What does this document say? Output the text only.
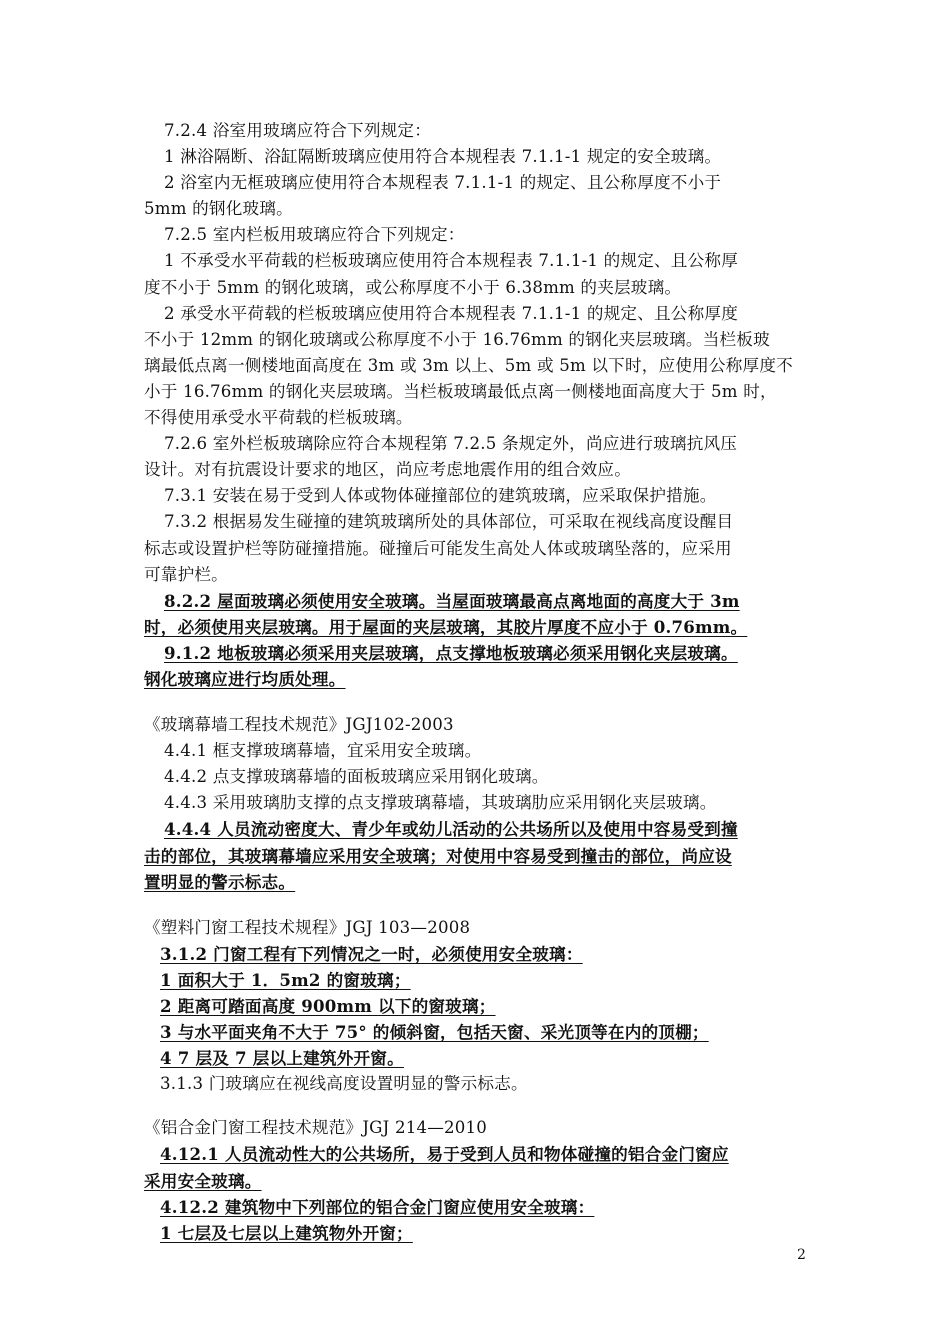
7.2.4 浴室用玻璃应符合下列规定：
1 淋浴隔断、浴缸隔断玻璃应使用符合本规程表 7.1.1-1 规定的安全玻璃。
2 浴室内无框玻璃应使用符合本规程表 7.1.1-1 的规定、且公称厚度不小于
5mm 的钢化玻璃。
7.2.5 室内栏板用玻璃应符合下列规定：
1 不承受水平荷载的栏板玻璃应使用符合本规程表 7.1.1-1 的规定、且公称厚
度不小于 5mm 的钢化玻璃，或公称厚度不小于 6.38mm 的夹层玻璃。
2 承受水平荷载的栏板玻璃应使用符合本规程表 7.1.1-1 的规定、且公称厚度
不小于 12mm 的钢化玻璃或公称厚度不小于 16.76mm 的钢化夹层玻璃。当栏板玻
璃最低点离一侧楼地面高度在 3m 或 3m 以上、5m 或 5m 以下时，应使用公称厚度不
小于 16.76mm 的钢化夹层玻璃。当栏板玻璃最低点离一侧楼地面高度大于 5m 时，
不得使用承受水平荷载的栏板玻璃。
7.2.6 室外栏板玻璃除应符合本规程第 7.2.5 条规定外，尚应进行玻璃抗风压
设计。对有抗震设计要求的地区，尚应考虑地震作用的组合效应。
7.3.1 安装在易于受到人体或物体碰撞部位的建筑玻璃，应采取保护措施。
7.3.2 根据易发生碰撞的建筑玻璃所处的具体部位，可采取在视线高度设醒目
标志或设置护栏等防碰撞措施。碰撞后可能发生高处人体或玻璃坠落的，应采用
可靠护栏。
8.2.2 屋面玻璃必须使用安全玻璃。当屋面玻璃最高点离地面的高度大于 3m
时，必须使用夹层玻璃。用于屋面的夹层玻璃，其胶片厚度不应小于 0.76mm。
9.1.2 地板玻璃必须采用夹层玻璃，点支撑地板玻璃必须采用钢化夹层玻璃。
钢化玻璃应进行均质处理。
《玻璃幕墙工程技术规范》JGJ102-2003
4.4.1 框支撑玻璃幕墙，宜采用安全玻璃。
4.4.2 点支撑玻璃幕墙的面板玻璃应采用钢化玻璃。
4.4.3 采用玻璃肋支撑的点支撑玻璃幕墙，其玻璃肋应采用钢化夹层玻璃。
4.4.4 人员流动密度大、青少年或幼儿活动的公共场所以及使用中容易受到撞
击的部位，其玻璃幕墙应采用安全玻璃；对使用中容易受到撞击的部位，尚应设
置明显的警示标志。
《塑料门窗工程技术规程》JGJ 103—2008
3.1.2 门窗工程有下列情况之一时，必须使用安全玻璃：
1 面积大于 1．5m2 的窗玻璃；
2 距离可踏面高度 900mm 以下的窗玻璃；
3 与水平面夹角不大于 75° 的倾斜窗，包括天窗、采光顶等在内的顶棚；
4 7 层及 7 层以上建筑外开窗。
3.1.3 门玻璃应在视线高度设置明显的警示标志。
《铝合金门窗工程技术规范》JGJ 214—2010
4.12.1 人员流动性大的公共场所，易于受到人员和物体碰撞的铝合金门窗应
采用安全玻璃。
4.12.2 建筑物中下列部位的铝合金门窗应使用安全玻璃：
1 七层及七层以上建筑物外开窗；
2
